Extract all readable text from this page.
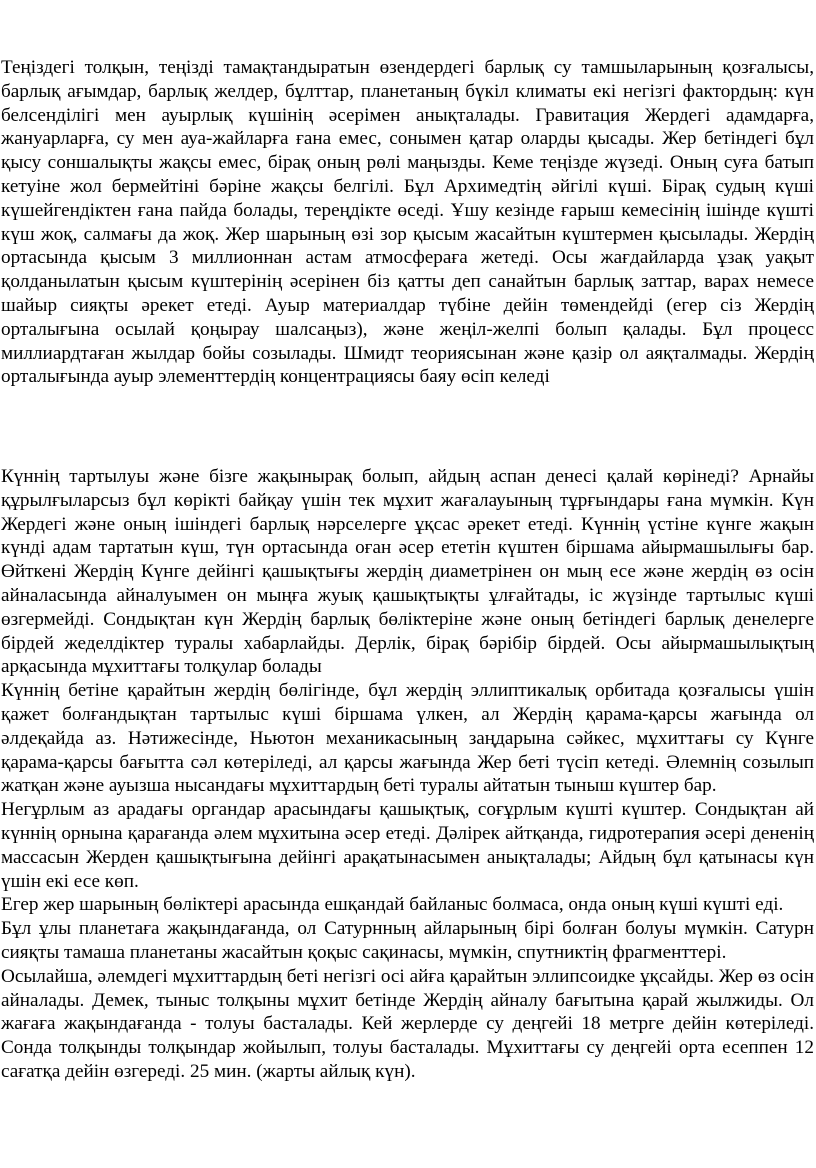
Теңіздегі толқын, теңізді тамақтандыратын өзендердегі барлық су тамшыларының қозғалысы, барлық ағымдар, барлық желдер, бұлттар, планетаның бүкіл климаты екі негізгі фактордың: күн белсенділігі мен ауырлық күшінің әсерімен анықталады. Гравитация Жердегі адамдарға, жануарларға, су мен ауа-жайларға ғана емес, сонымен қатар оларды қысады. Жер бетіндегі бұл қысу соншалықты жақсы емес, бірақ оның рөлі маңызды. Кеме теңізде жүзеді. Оның суға батып кетуіне жол бермейтіні бәріне жақсы белгілі. Бұл Архимедтің әйгілі күші. Бірақ судың күші күшейгендіктен ғана пайда болады, тереңдікте өседі. Ұшу кезінде ғарыш кемесінің ішінде күшті күш жоқ, салмағы да жоқ. Жер шарының өзі зор қысым жасайтын күштермен қысылады. Жердің ортасында қысым 3 миллионнан астам атмосфераға жетеді. Осы жағдайларда ұзақ уақыт қолданылатын қысым күштерінің әсерінен біз қатты деп санайтын барлық заттар, варах немесе шайыр сияқты әрекет етеді. Ауыр материалдар түбіне дейін төмендейді (егер сіз Жердің орталығына осылай қоңырау шалсаңыз), және жеңіл-желпі болып қалады. Бұл процесс миллиардтаған жылдар бойы созылады. Шмидт теориясынан және қазір ол аяқталмады. Жердің орталығында ауыр элементтердің концентрациясы баяу өсіп келеді

Күннің тартылуы және бізге жақынырақ болып, айдың аспан денесі қалай көрінеді? Арнайы құрылғыларсыз бұл көрікті байқау үшін тек мұхит жағалауының тұрғындары ғана мүмкін. Күн Жердегі және оның ішіндегі барлық нәрселерге ұқсас әрекет етеді. Күннің үстіне күнге жақын күнді адам тартатын күш, түн ортасында оған әсер ететін күштен біршама айырмашылығы бар. Өйткені Жердің Күнге дейінгі қашықтығы жердің диаметрінен он мың есе және жердің өз осін айналасында айналуымен он мыңға жуық қашықтықты ұлғайтады, іс жүзінде тартылыс күші өзгермейді. Сондықтан күн Жердің барлық бөліктеріне және оның бетіндегі барлық денелерге бірдей жеделдіктер туралы хабарлайды. Дерлік, бірақ бәрібір бірдей. Осы айырмашылықтың арқасында мұхиттағы толқулар болады

Күннің бетіне қарайтын жердің бөлігінде, бұл жердің эллиптикалық орбитада қозғалысы үшін қажет болғандықтан тартылыс күші біршама үлкен, ал Жердің қарама-қарсы жағында ол әлдеқайда аз. Нәтижесінде, Ньютон механикасының заңдарына сәйкес, мұхиттағы су Күнге қарама-қарсы бағытта сәл көтеріледі, ал қарсы жағында Жер беті түсіп кетеді. Әлемнің созылып жатқан және ауызша нысандағы мұхиттардың беті туралы айтатын тыныш күштер бар.

Негұрлым аз арадағы органдар арасындағы қашықтық, соғұрлым күшті күштер. Сондықтан ай күннің орнына қарағанда әлем мұхитына әсер етеді. Дәлірек айтқанда, гидротерапия әсері дененің массасын Жерден қашықтығына дейінгі арақатынасымен анықталады; Айдың бұл қатынасы күн үшін екі есе көп.

Егер жер шарының бөліктері арасында ешқандай байланыс болмаса, онда оның күші күшті еді.

Бұл ұлы планетаға жақындағанда, ол Сатурнның айларының бірі болған болуы мүмкін. Сатурн сияқты тамаша планетаны жасайтын қоқыс сақинасы, мүмкін, спутниктің фрагменттері.

Осылайша, әлемдегі мұхиттардың беті негізгі осі айға қарайтын эллипсоидке ұқсайды. Жер өз осін айналады. Демек, тыныс толқыны мұхит бетінде Жердің айналу бағытына қарай жылжиды. Ол жағаға жақындағанда - толуы басталады. Кей жерлерде су деңгейі 18 метрге дейін көтеріледі. Сонда толқынды толқындар жойылып, толуы басталады. Мұхиттағы су деңгейі орта есеппен 12 сағатқа дейін өзгереді. 25 мин. (жарты айлық күн).
